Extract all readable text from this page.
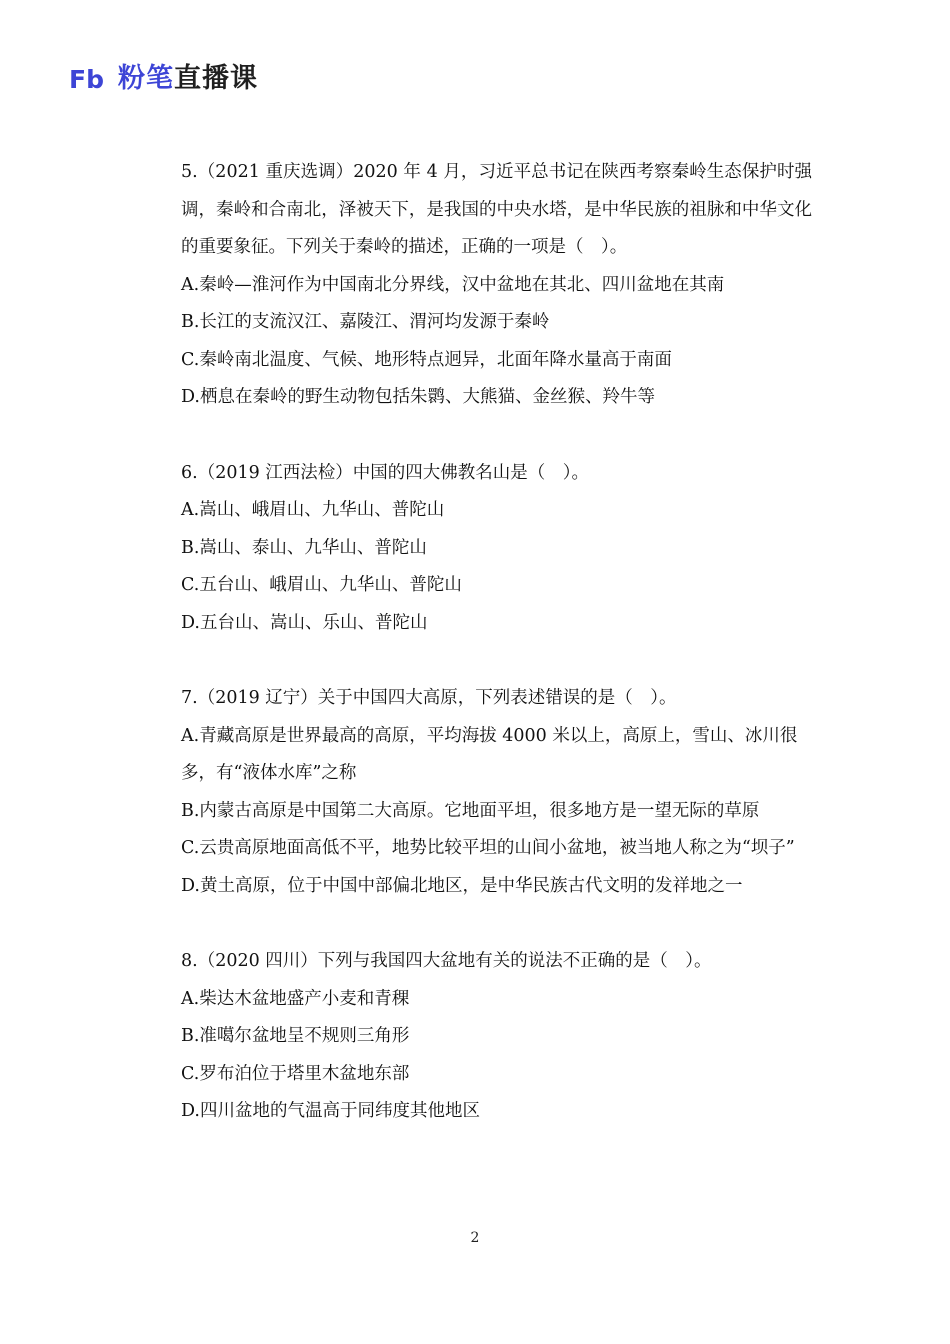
Fb 粉笔直播课
5.（2021 重庆选调）2020 年 4 月，习近平总书记在陕西考察秦岭生态保护时强调，秦岭和合南北，泽被天下，是我国的中央水塔，是中华民族的祖脉和中华文化的重要象征。下列关于秦岭的描述，正确的一项是（　）。
A.秦岭—淮河作为中国南北分界线，汉中盆地在其北、四川盆地在其南
B.长江的支流汉江、嘉陵江、渭河均发源于秦岭
C.秦岭南北温度、气候、地形特点迥异，北面年降水量高于南面
D.栖息在秦岭的野生动物包括朱鹮、大熊猫、金丝猴、羚牛等
6.（2019 江西法检）中国的四大佛教名山是（　）。
A.嵩山、峨眉山、九华山、普陀山
B.嵩山、泰山、九华山、普陀山
C.五台山、峨眉山、九华山、普陀山
D.五台山、嵩山、乐山、普陀山
7.（2019 辽宁）关于中国四大高原，下列表述错误的是（　）。
A.青藏高原是世界最高的高原，平均海拔 4000 米以上，高原上，雪山、冰川很多，有“液体水库”之称
B.内蒙古高原是中国第二大高原。它地面平坦，很多地方是一望无际的草原
C.云贵高原地面高低不平，地势比较平坦的山间小盆地，被当地人称之为“坝子”
D.黄土高原，位于中国中部偏北地区，是中华民族古代文明的发祥地之一
8.（2020 四川）下列与我国四大盆地有关的说法不正确的是（　）。
A.柴达木盆地盛产小麦和青稞
B.准噶尔盆地呈不规则三角形
C.罗布泊位于塔里木盆地东部
D.四川盆地的气温高于同纬度其他地区
2
